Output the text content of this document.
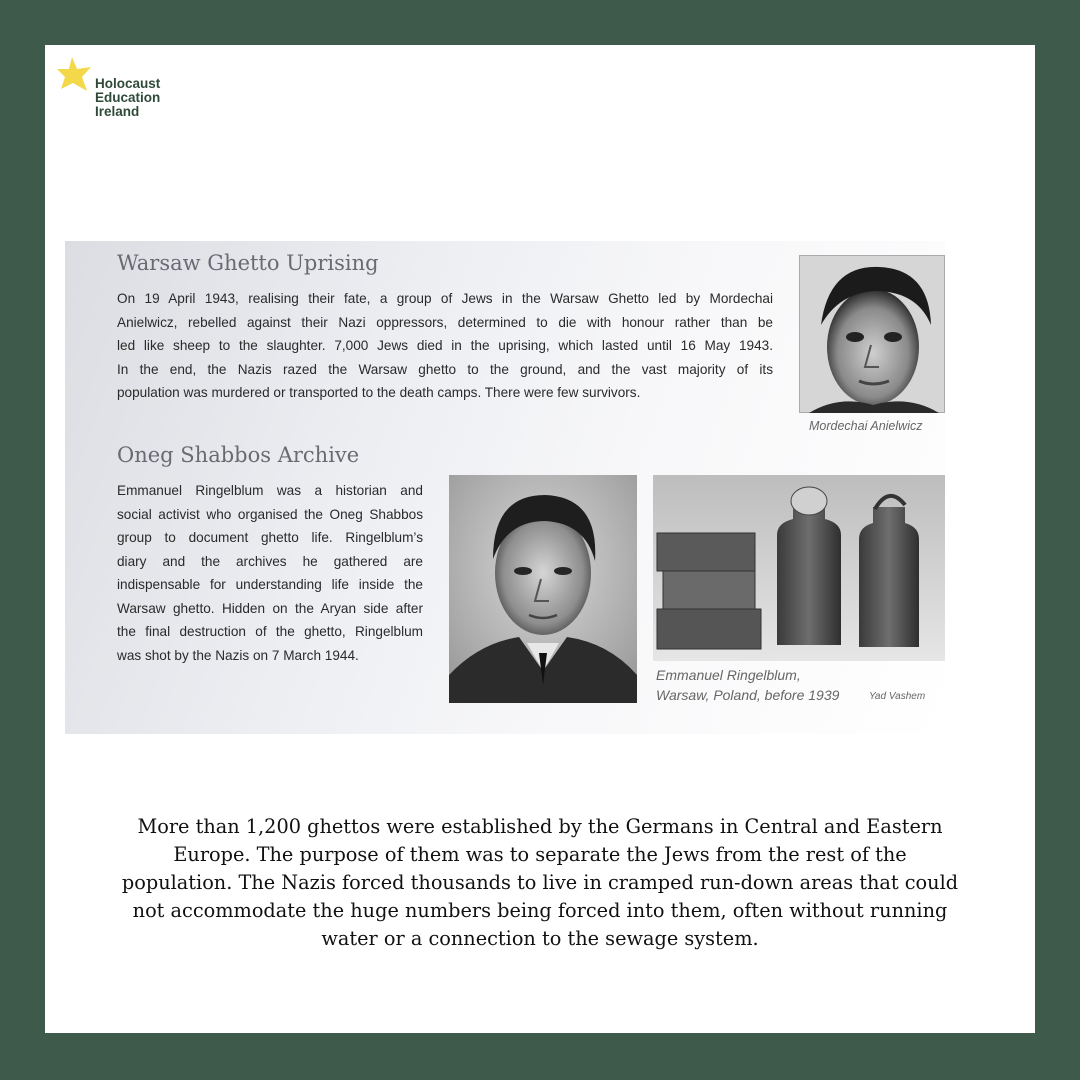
Holocaust
Education
Ireland
Warsaw Ghetto Uprising
On 19 April 1943, realising their fate, a group of Jews in the Warsaw Ghetto led by Mordechai
Anielwicz, rebelled against their Nazi oppressors, determined to die with honour rather than be
led like sheep to the slaughter. 7,000 Jews died in the uprising, which lasted until 16 May 1943.
In the end, the Nazis razed the Warsaw ghetto to the ground, and the vast majority of its
population was murdered or transported to the death camps. There were few survivors.
Mordechai Anielwicz
Oneg Shabbos Archive
Emmanuel Ringelblum was a historian and
social activist who organised the Oneg Shabbos
group to document ghetto life. Ringelblum’s
diary and the archives he gathered are
indispensable for understanding life inside the
Warsaw ghetto. Hidden on the Aryan side after
the final destruction of the ghetto, Ringelblum
was shot by the Nazis on 7 March 1944.
Emmanuel Ringelblum,
Warsaw, Poland, before 1939	Yad Vashem
More than 1,200 ghettos were established by the Germans in Central and Eastern
Europe. The purpose of them was to separate the Jews from the rest of the
population. The Nazis forced thousands to live in cramped run-down areas that could
not accommodate the huge numbers being forced into them, often without running
water or a connection to the sewage system.
